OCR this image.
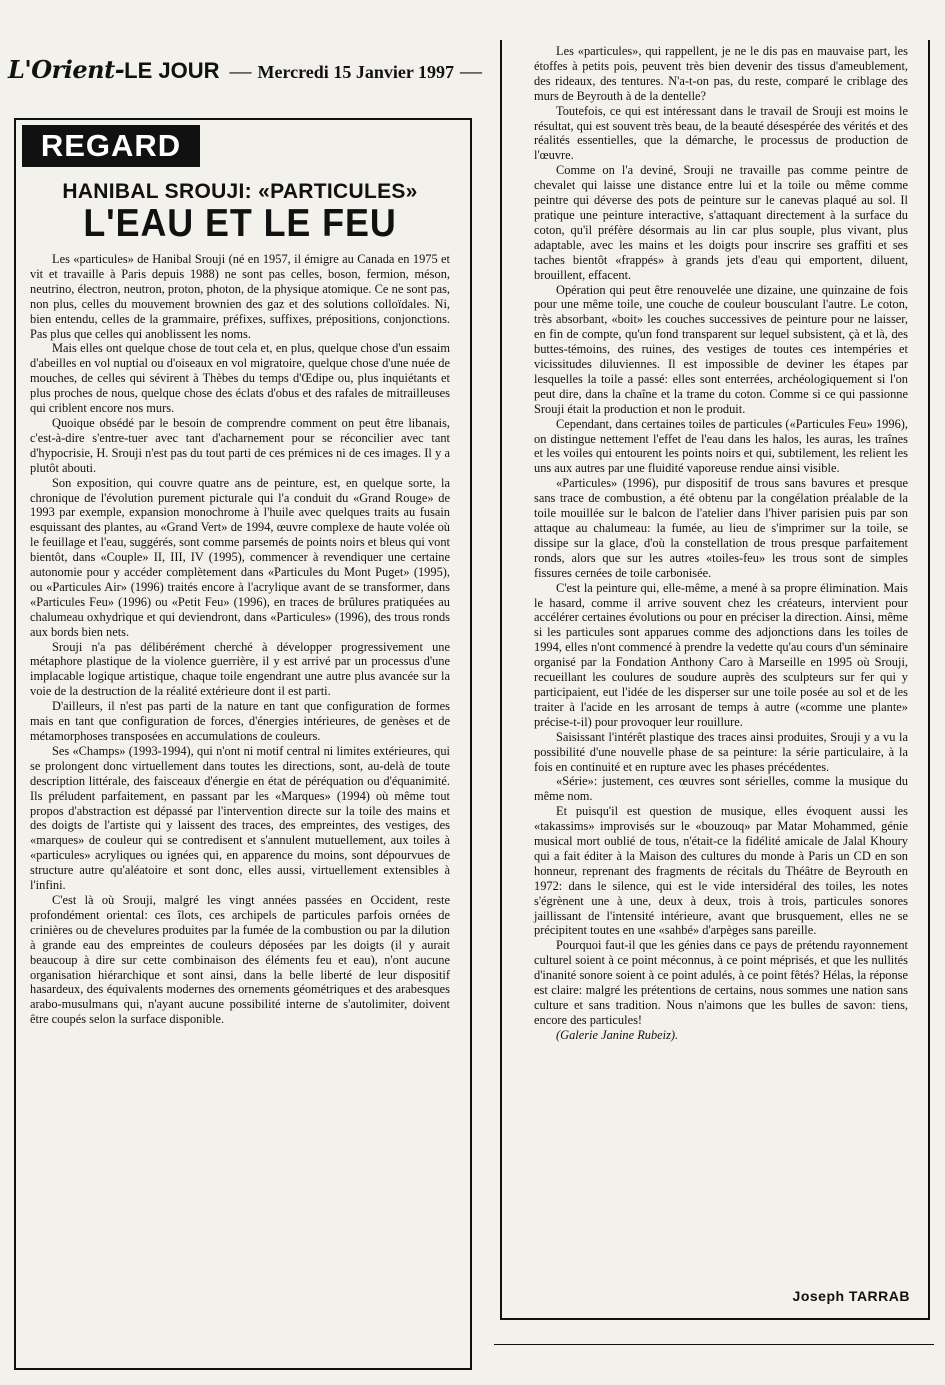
L'Orient- LE JOUR — Mercredi 15 Janvier 1997 —
REGARD
HANIBAL SROUJI: «PARTICULES»
L'EAU ET LE FEU

Les «particules» de Hanibal Srouji (né en 1957, il émigre au Canada en 1975 et vit et travaille à Paris depuis 1988) ne sont pas celles, boson, fermion, méson, neutrino, électron, neutron, proton, photon, de la physique atomique. Ce ne sont pas, non plus, celles du mouvement brownien des gaz et des solutions colloïdales. Ni, bien entendu, celles de la grammaire, préfixes, suffixes, prépositions, conjonctions. Pas plus que celles qui anoblissent les noms.

Mais elles ont quelque chose de tout cela et, en plus, quelque chose d'un essaim d'abeilles en vol nuptial ou d'oiseaux en vol migratoire, quelque chose d'une nuée de mouches, de celles qui sévirent à Thèbes du temps d'Œdipe ou, plus inquiétants et plus proches de nous, quelque chose des éclats d'obus et des rafales de mitrailleuses qui criblent encore nos murs.

Quoique obsédé par le besoin de comprendre comment on peut être libanais, c'est-à-dire s'entre-tuer avec tant d'acharnement pour se réconcilier avec tant d'hypocrisie, H. Srouji n'est pas du tout parti de ces prémices ni de ces images. Il y a plutôt abouti.

Son exposition, qui couvre quatre ans de peinture, est, en quelque sorte, la chronique de l'évolution purement picturale qui l'a conduit du «Grand Rouge» de 1993 par exemple, expansion monochrome à l'huile avec quelques traits au fusain esquissant des plantes, au «Grand Vert» de 1994, œuvre complexe de haute volée où le feuillage et l'eau, suggérés, sont comme parsemés de points noirs et bleus qui vont bientôt, dans «Couple» II, III, IV (1995), commencer à revendiquer une certaine autonomie pour y accéder complètement dans «Particules du Mont Puget» (1995), ou «Particules Air» (1996) traités encore à l'acrylique avant de se transformer, dans «Particules Feu» (1996) ou «Petit Feu» (1996), en traces de brûlures pratiquées au chalumeau oxhydrique et qui deviendront, dans «Particules» (1996), des trous ronds aux bords bien nets.

Srouji n'a pas délibérément cherché à développer progressivement une métaphore plastique de la violence guerrière, il y est arrivé par un processus d'une implacable logique artistique, chaque toile engendrant une autre plus avancée sur la voie de la destruction de la réalité extérieure dont il est parti.

D'ailleurs, il n'est pas parti de la nature en tant que configuration de formes mais en tant que configuration de forces, d'énergies intérieures, de genèses et de métamorphoses transposées en accumulations de couleurs.

Ses «Champs» (1993-1994), qui n'ont ni motif central ni limites extérieures, qui se prolongent donc virtuellement dans toutes les directions, sont, au-delà de toute description littérale, des faisceaux d'énergie en état de péréquation ou d'équanimité. Ils préludent parfaitement, en passant par les «Marques» (1994) où même tout propos d'abstraction est dépassé par l'intervention directe sur la toile des mains et des doigts de l'artiste qui y laissent des traces, des empreintes, des vestiges, des «marques» de couleur qui se contredisent et s'annulent mutuellement, aux toiles à «particules» acryliques ou ignées qui, en apparence du moins, sont dépourvues de structure autre qu'aléatoire et sont donc, elles aussi, virtuellement extensibles à l'infini.

C'est là où Srouji, malgré les vingt années passées en Occident, reste profondément oriental: ces îlots, ces archipels de particules parfois ornées de crinières ou de chevelures produites par la fumée de la combustion ou par la dilution à grande eau des empreintes de couleurs déposées par les doigts (il y aurait beaucoup à dire sur cette combinaison des éléments feu et eau), n'ont aucune organisation hiérarchique et sont ainsi, dans la belle liberté de leur dispositif hasardeux, des équivalents modernes des ornements géométriques et des arabesques arabo-musulmans qui, n'ayant aucune possibilité interne de s'autolimiter, doivent être coupés selon la surface disponible.

Les «particules», qui rappellent, je ne le dis pas en mauvaise part, les étoffes à petits pois, peuvent très bien devenir des tissus d'ameublement, des rideaux, des tentures. N'a-t-on pas, du reste, comparé le criblage des murs de Beyrouth à de la dentelle?

Toutefois, ce qui est intéressant dans le travail de Srouji est moins le résultat, qui est souvent très beau, de la beauté désespérée des vérités et des réalités essentielles, que la démarche, le processus de production de l'œuvre.

Comme on l'a deviné, Srouji ne travaille pas comme peintre de chevalet qui laisse une distance entre lui et la toile ou même comme peintre qui déverse des pots de peinture sur le canevas plaqué au sol. Il pratique une peinture interactive, s'attaquant directement à la surface du coton, qu'il préfère désormais au lin car plus souple, plus vivant, plus adaptable, avec les mains et les doigts pour inscrire ses graffiti et ses taches bientôt «frappés» à grands jets d'eau qui emportent, diluent, brouillent, effacent.

Opération qui peut être renouvelée une dizaine, une quinzaine de fois pour une même toile, une couche de couleur bousculant l'autre. Le coton, très absorbant, «boit» les couches successives de peinture pour ne laisser, en fin de compte, qu'un fond transparent sur lequel subsistent, çà et là, des buttes-témoins, des ruines, des vestiges de toutes ces intempéries et vicissitudes diluviennes. Il est impossible de deviner les étapes par lesquelles la toile a passé: elles sont enterrées, archéologiquement si l'on peut dire, dans la chaîne et la trame du coton. Comme si ce qui passionne Srouji était la production et non le produit.

Cependant, dans certaines toiles de particules («Particules Feu» 1996), on distingue nettement l'effet de l'eau dans les halos, les auras, les traînes et les voiles qui entourent les points noirs et qui, subtilement, les relient les uns aux autres par une fluidité vaporeuse rendue ainsi visible.

«Particules» (1996), pur dispositif de trous sans bavures et presque sans trace de combustion, a été obtenu par la congélation préalable de la toile mouillée sur le balcon de l'atelier dans l'hiver parisien puis par son attaque au chalumeau: la fumée, au lieu de s'imprimer sur la toile, se dissipe sur la glace, d'où la constellation de trous presque parfaitement ronds, alors que sur les autres «toiles-feu» les trous sont de simples fissures cernées de toile carbonisée.

C'est la peinture qui, elle-même, a mené à sa propre élimination. Mais le hasard, comme il arrive souvent chez les créateurs, intervient pour accélérer certaines évolutions ou pour en préciser la direction. Ainsi, même si les particules sont apparues comme des adjonctions dans les toiles de 1994, elles n'ont commencé à prendre la vedette qu'au cours d'un séminaire organisé par la Fondation Anthony Caro à Marseille en 1995 où Srouji, recueillant les coulures de soudure auprès des sculpteurs sur fer qui y participaient, eut l'idée de les disperser sur une toile posée au sol et de les traiter à l'acide en les arrosant de temps à autre («comme une plante» précise-t-il) pour provoquer leur rouillure.

Saisissant l'intérêt plastique des traces ainsi produites, Srouji y a vu la possibilité d'une nouvelle phase de sa peinture: la série particulaire, à la fois en continuité et en rupture avec les phases précédentes.

«Série»: justement, ces œuvres sont sérielles, comme la musique du même nom.

Et puisqu'il est question de musique, elles évoquent aussi les «takassims» improvisés sur le «bouzouq» par Matar Mohammed, génie musical mort oublié de tous, n'était-ce la fidélité amicale de Jalal Khoury qui a fait éditer à la Maison des cultures du monde à Paris un CD en son honneur, reprenant des fragments de récitals du Théâtre de Beyrouth en 1972: dans le silence, qui est le vide intersidéral des toiles, les notes s'égrènent une à une, deux à deux, trois à trois, particules sonores jaillissant de l'intensité intérieure, avant que brusquement, elles ne se précipitent toutes en une «sahbé» d'arpèges sans pareille.

Pourquoi faut-il que les génies dans ce pays de prétendu rayonnement culturel soient à ce point méconnus, à ce point méprisés, et que les nullités d'inanité sonore soient à ce point adulés, à ce point fêtés? Hélas, la réponse est claire: malgré les prétentions de certains, nous sommes une nation sans culture et sans tradition. Nous n'aimons que les bulles de savon: tiens, encore des particules!

(Galerie Janine Rubeiz).

Joseph TARRAB
